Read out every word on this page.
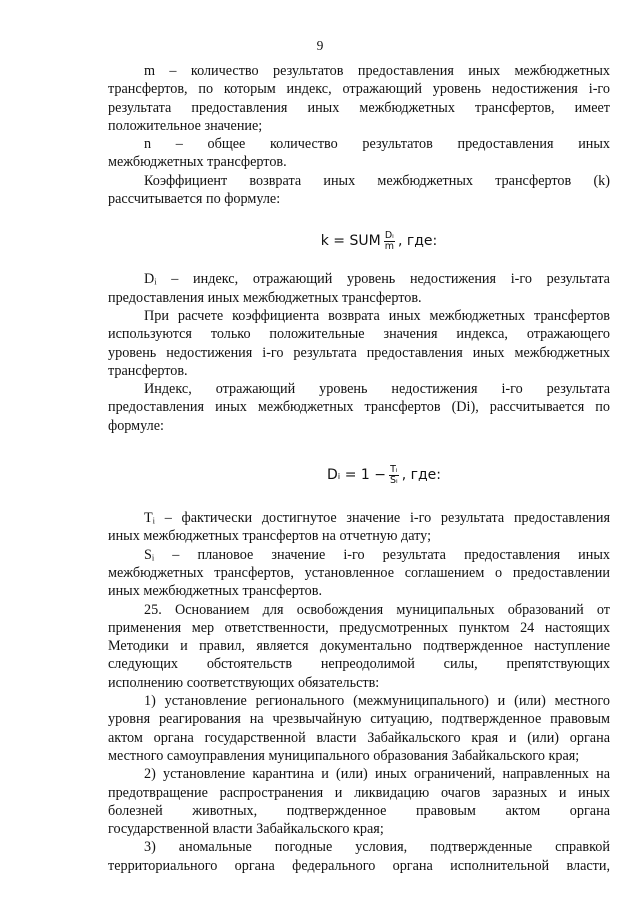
9

m – количество результатов предоставления иных межбюджетных

трансфертов, по которым индекс, отражающий уровень недостижения i-го

результата предоставления иных межбюджетных трансфертов, имеет

положительное значение;

n – общее количество результатов предоставления иных

межбюджетных трансфертов.

Коэффициент возврата иных межбюджетных трансфертов (k)

рассчитывается по формуле:

k = SUM $\frac{\text{Dᵢ}}{m}$ , где:

Dᵢ – индекс, отражающий уровень недостижения i-го результата

предоставления иных межбюджетных трансфертов.

При расчете коэффициента возврата иных межбюджетных трансфертов

используются только положительные значения индекса, отражающего

уровень недостижения i-го результата предоставления иных межбюджетных

трансфертов.

Индекс, отражающий уровень недостижения i-го результата

предоставления иных межбюджетных трансфертов (Di), рассчитывается по

формуле:

Dᵢ = $1 - \frac{\text{Tᵢ}}{\text{Sᵢ}}$ , где:

Tᵢ – фактически достигнутое значение i-го результата предоставления

иных межбюджетных трансфертов на отчетную дату;

Sᵢ – плановое значение i-го результата предоставления иных

межбюджетных трансфертов, установленное соглашением о предоставлении

иных межбюджетных трансфертов.

25. Основанием для освобождения муниципальных образований от

применения мер ответственности, предусмотренных пунктом 24 настоящих

Методики и правил, является документально подтвержденное наступление

следующих обстоятельств непреодолимой силы, препятствующих

исполнению соответствующих обязательств:

1) установление регионального (межмуниципального) и (или) местного

уровня реагирования на чрезвычайную ситуацию, подтвержденное правовым

актом органа государственной власти Забайкальского края и (или) органа

местного самоуправления муниципального образования Забайкальского края;

2) установление карантина и (или) иных ограничений, направленных на

предотвращение распространения и ликвидацию очагов заразных и иных

болезней животных, подтвержденное правовым актом органа

государственной власти Забайкальского края;

3) аномальные погодные условия, подтвержденные справкой

территориального органа федерального органа исполнительной власти,
